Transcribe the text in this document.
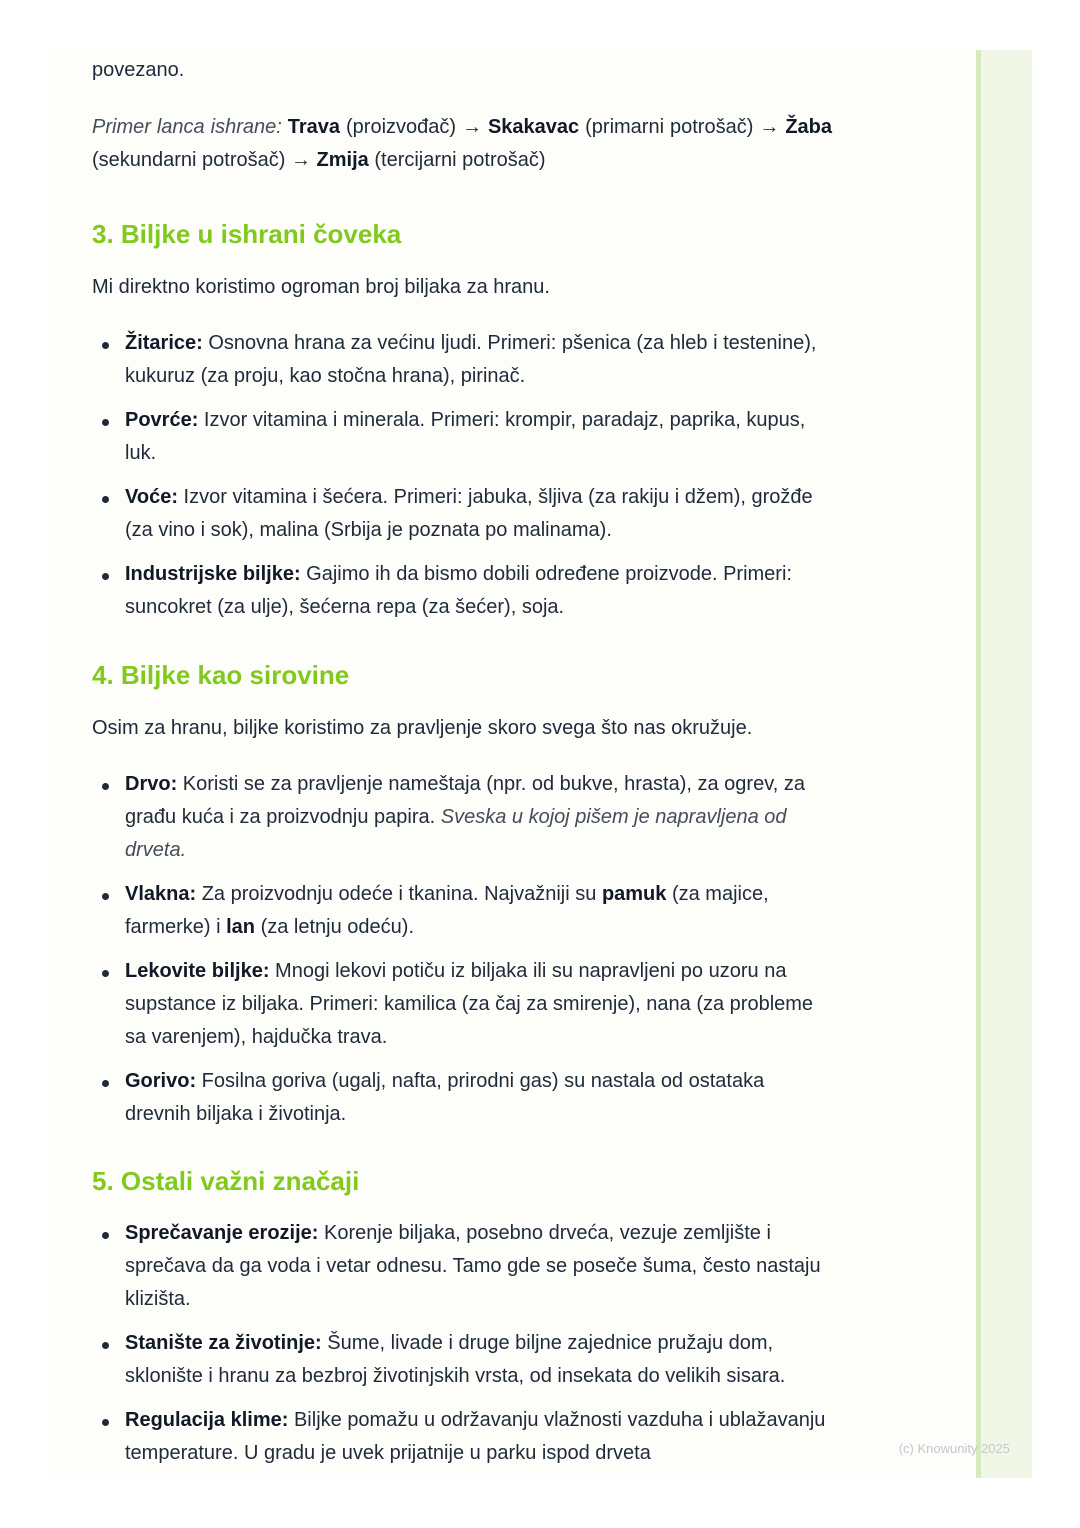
(c) Knowunity 2025

povezano.

Primer lanca ishrane: Trava (proizvođač) → Skakavac (primarni potrošač) → Žaba (sekundarni potrošač) → Zmija (tercijarni potrošač)

3. Biljke u ishrani čoveka

Mi direktno koristimo ogroman broj biljaka za hranu.

Žitarice: Osnovna hrana za većinu ljudi. Primeri: pšenica (za hleb i testenine), kukuruz (za proju, kao stočna hrana), pirinač.
Povrće: Izvor vitamina i minerala. Primeri: krompir, paradajz, paprika, kupus, luk.
Voće: Izvor vitamina i šećera. Primeri: jabuka, šljiva (za rakiju i džem), grožđe (za vino i sok), malina (Srbija je poznata po malinama).
Industrijske biljke: Gajimo ih da bismo dobili određene proizvode. Primeri: suncokret (za ulje), šećerna repa (za šećer), soja.
4. Biljke kao sirovine

Osim za hranu, biljke koristimo za pravljenje skoro svega što nas okružuje.

Drvo: Koristi se za pravljenje nameštaja (npr. od bukve, hrasta), za ogrev, za građu kuća i za proizvodnju papira. Sveska u kojoj pišem je napravljena od drveta.
Vlakna: Za proizvodnju odeće i tkanina. Najvažniji su pamuk (za majice, farmerke) i lan (za letnju odeću).
Lekovite biljke: Mnogi lekovi potiču iz biljaka ili su napravljeni po uzoru na supstance iz biljaka. Primeri: kamilica (za čaj za smirenje), nana (za probleme sa varenjem), hajdučka trava.
Gorivo: Fosilna goriva (ugalj, nafta, prirodni gas) su nastala od ostataka drevnih biljaka i životinja.
5. Ostali važni značaji
Sprečavanje erozije: Korenje biljaka, posebno drveća, vezuje zemljište i sprečava da ga voda i vetar odnesu. Tamo gde se poseče šuma, često nastaju klizišta.
Stanište za životinje: Šume, livade i druge biljne zajednice pružaju dom, sklonište i hranu za bezbroj životinjskih vrsta, od insekata do velikih sisara.
Regulacija klime: Biljke pomažu u održavanju vlažnosti vazduha i ublažavanju temperature. U gradu je uvek prijatnije u parku ispod drveta
